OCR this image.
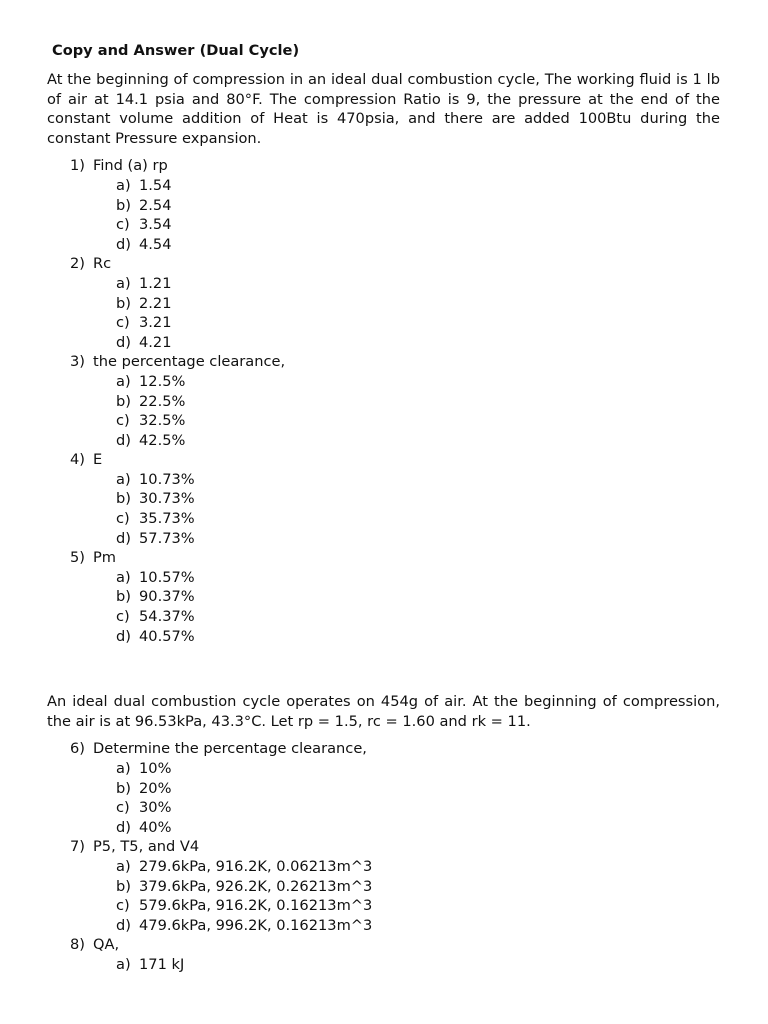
Copy and Answer (Dual Cycle)

At the beginning of compression in an ideal dual combustion cycle, The working fluid is 1 lb of air at 14.1 psia and 80°F. The compression Ratio is 9, the pressure at the end of the constant volume addition of Heat is 470psia, and there are added 100Btu during the constant Pressure expansion.

1) Find (a) rp
a) 1.54
b) 2.54
c) 3.54
d) 4.54
2) Rc
a) 1.21
b) 2.21
c) 3.21
d) 4.21
3) the percentage clearance,
a) 12.5%
b) 22.5%
c) 32.5%
d) 42.5%
4) E
a) 10.73%
b) 30.73%
c) 35.73%
d) 57.73%
5) Pm
a) 10.57%
b) 90.37%
c) 54.37%
d) 40.57%

An ideal dual combustion cycle operates on 454g of air. At the beginning of compression, the air is at 96.53kPa, 43.3°C. Let rp = 1.5, rc = 1.60 and rk = 11.

6) Determine the percentage clearance,
a) 10%
b) 20%
c) 30%
d) 40%
7) P5, T5, and V4
a) 279.6kPa, 916.2K, 0.06213m^3
b) 379.6kPa, 926.2K, 0.26213m^3
c) 579.6kPa, 916.2K, 0.16213m^3
d) 479.6kPa, 996.2K, 0.16213m^3
8) QA,
a) 171 kJ
